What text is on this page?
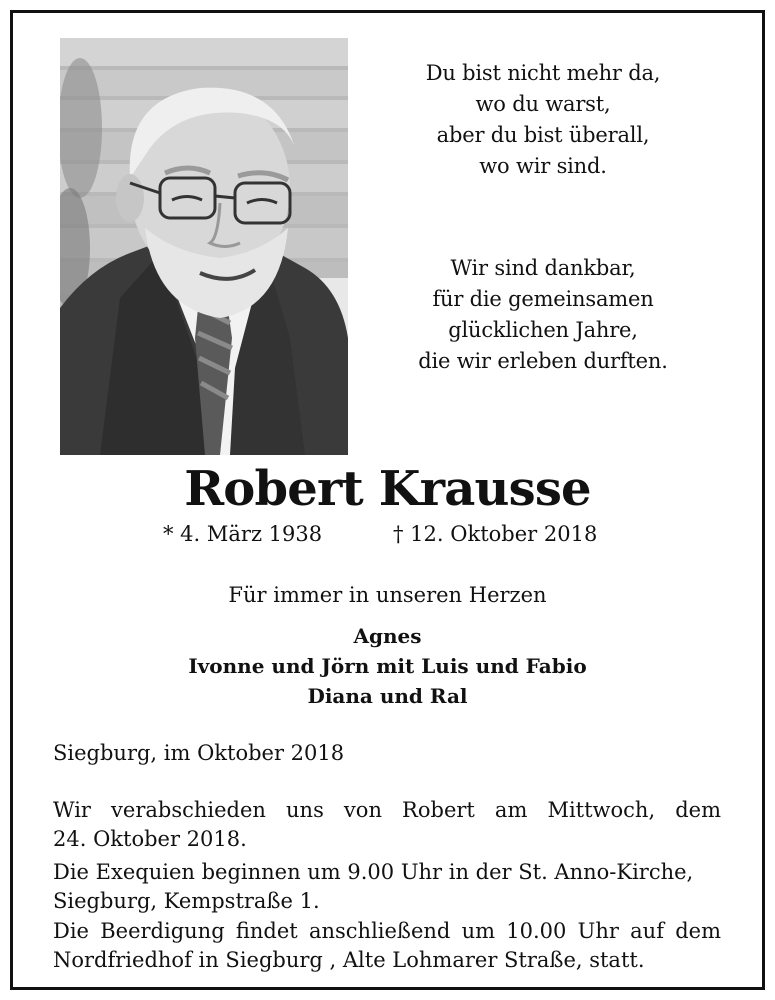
Du bist nicht mehr da,
wo du warst,
aber du bist überall,
wo wir sind.
Wir sind dankbar,
für die gemeinsamen
glücklichen Jahre,
die wir erleben durften.
Robert Krausse
* 4. März 1938	† 12. Oktober 2018
Für immer in unseren Herzen
Agnes
Ivonne und Jörn mit Luis und Fabio
Diana und Ral
Siegburg, im Oktober 2018
Wir verabschieden uns von Robert am Mittwoch, dem
24. Oktober 2018.
Die Exequien beginnen um 9.00 Uhr in der St. Anno-Kirche,
Siegburg, Kempstraße 1.
Die Beerdigung findet anschließend um 10.00 Uhr auf dem
Nordfriedhof in Siegburg , Alte Lohmarer Straße, statt.
